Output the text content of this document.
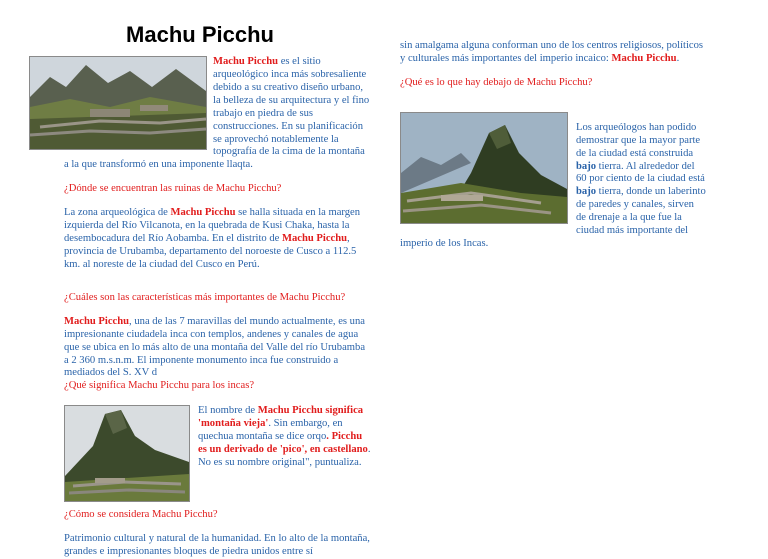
Machu Picchu

Machu Picchu es el sitio arqueológico inca más sobresaliente debido a su creativo diseño urbano, la belleza de su arquitectura y el fino trabajo en piedra de sus construcciones. En su planificación se aprovechó notablemente la topografía de la cima de la montaña a la que transformó en una imponente llaqta.

¿Dónde se encuentran las ruinas de Machu Picchu?

La zona arqueológica de Machu Picchu se halla situada en la margen izquierda del Río Vilcanota, en la quebrada de Kusi Chaka, hasta la desembocadura del Río Aobamba. En el distrito de Machu Picchu, provincia de Urubamba, departamento del noroeste de Cusco a 112.5 km. al noreste de la ciudad del Cusco en Perú.

¿Cuáles son las características más importantes de Machu Picchu?

Machu Picchu, una de las 7 maravillas del mundo actualmente, es una impresionante ciudadela inca con templos, andenes y canales de agua que se ubica en lo más alto de una montaña del Valle del río Urubamba a 2 360 m.s.n.m. El imponente monumento inca fue construido a mediados del S. XV d

¿Qué significa Machu Picchu para los incas?

El nombre de Machu Picchu significa 'montaña vieja'. Sin embargo, en quechua montaña se dice orqo. Picchu es un derivado de 'pico', en castellano. No es su nombre original", puntualiza.

¿Cómo se considera Machu Picchu?

Patrimonio cultural y natural de la humanidad. En lo alto de la montaña, grandes e impresionantes bloques de piedra unidos entre sí

sin amalgama alguna conforman uno de los centros religiosos, políticos y culturales más importantes del imperio incaico: Machu Picchu.

¿Qué es lo que hay debajo de Machu Picchu?

Los arqueólogos han podido demostrar que la mayor parte de la ciudad está construida bajo tierra. Al alrededor del 60 por ciento de la ciudad está bajo tierra, donde un laberinto de paredes y canales, sirven de drenaje a la que fue la ciudad más importante del imperio de los Incas.
